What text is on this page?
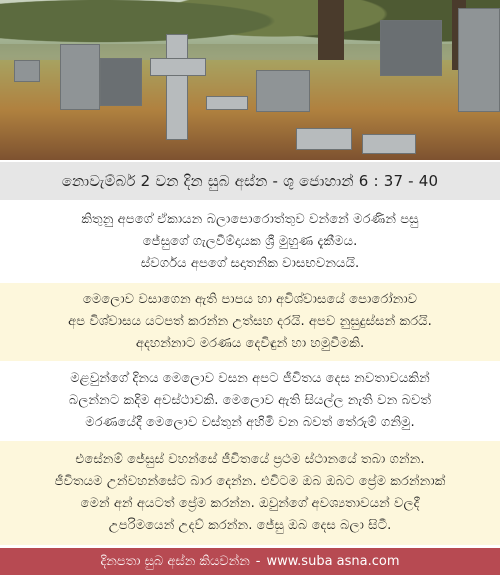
නොවැම්බර් 2 වන දින සුබ අස්න - ශු ජොහාන් 6 : 37 - 40

කිතුනු අපගේ ඒකායන බලාපොරොත්තුව වන්නේ මරණින් පසු

ජේසුගේ ගැලවීම්දායක ශ්‍රී මුහුණ දැකීමය.

ස්වර්ගය අපගේ සදාතනික වාසභවනයයි.

මෙලොව වසාගෙන ඇති පාපය හා අවිශ්වාසයේ පොරෝනාව

අප විශ්වාසය යටපත් කරන්න උත්සහ දරයි. අපව නුසුදුස්සන් කරයි.

අදහන්නාට මරණය දෙවිඳුන් හා හමුවීමකි.

මළවුන්ගේ දිනය මෙලොව වසන අපට ජීවිතය දෙස නවතාවයකින්

බලන්නට කදිම අවස්ථාවකි. මෙලොව ඇති සියල්ල නැති වන බවත්

මරණයේදී මෙලොව වස්තුන් අහිමි වන බවත් තේරුම් ගනිමු.

එසේනම් ජේසුස් වහන්සේ ජීවිතයේ ප්‍රථම ස්ථානයේ තබා ගන්න.

ජීවිතයම උන්වහන්සේට බාර දෙන්න. එවිටම ඔබ ඔබට ප්‍රේම කරන්නාක්

මෙන් අන් අයටත් ප්‍රේම කරන්න. ඔවුන්ගේ අවශ්‍යතාවයන් වලදී

උපරිමයෙන් උදව් කරන්න. ජේසු ඔබ දෙස බලා සිටී.

දිනපතා සුබ අස්න කියවන්න - www.suba asna.com
